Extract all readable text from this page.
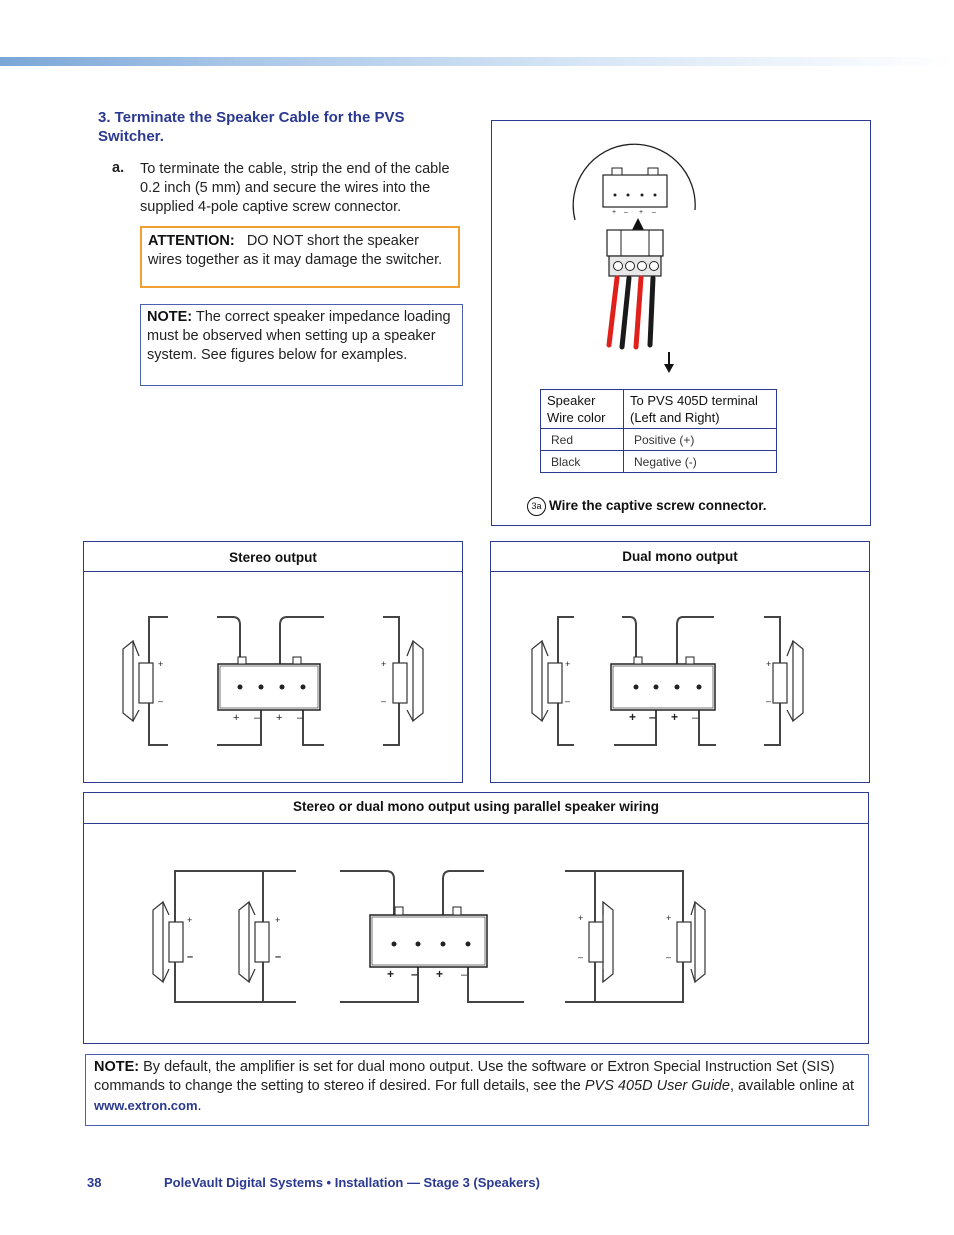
3. Terminate the Speaker Cable for the PVS Switcher.
a. To terminate the cable, strip the end of the cable 0.2 inch (5 mm) and secure the wires into the supplied 4-pole captive screw connector.
ATTENTION: DO NOT short the speaker wires together as it may damage the switcher.
NOTE: The correct speaker impedance loading must be observed when setting up a speaker system. See figures below for examples.
+ – + –
Speaker Wire color	To PVS 405D terminal (Left and Right)
Red	Positive (+)
Black	Negative (-)
3a Wire the captive screw connector.
Stereo output	Dual mono output
Stereo or dual mono output using parallel speaker wiring
+
–
+
–
+ – + –
+
–
+
–
+ – + –
+
–
+
–
+
–
+
–
+ – + –
NOTE: By default, the amplifier is set for dual mono output. Use the software or Extron Special Instruction Set (SIS) commands to change the setting to stereo if desired. For full details, see the PVS 405D User Guide, available online at www.extron.com.
38	PoleVault Digital Systems • Installation — Stage 3 (Speakers)
